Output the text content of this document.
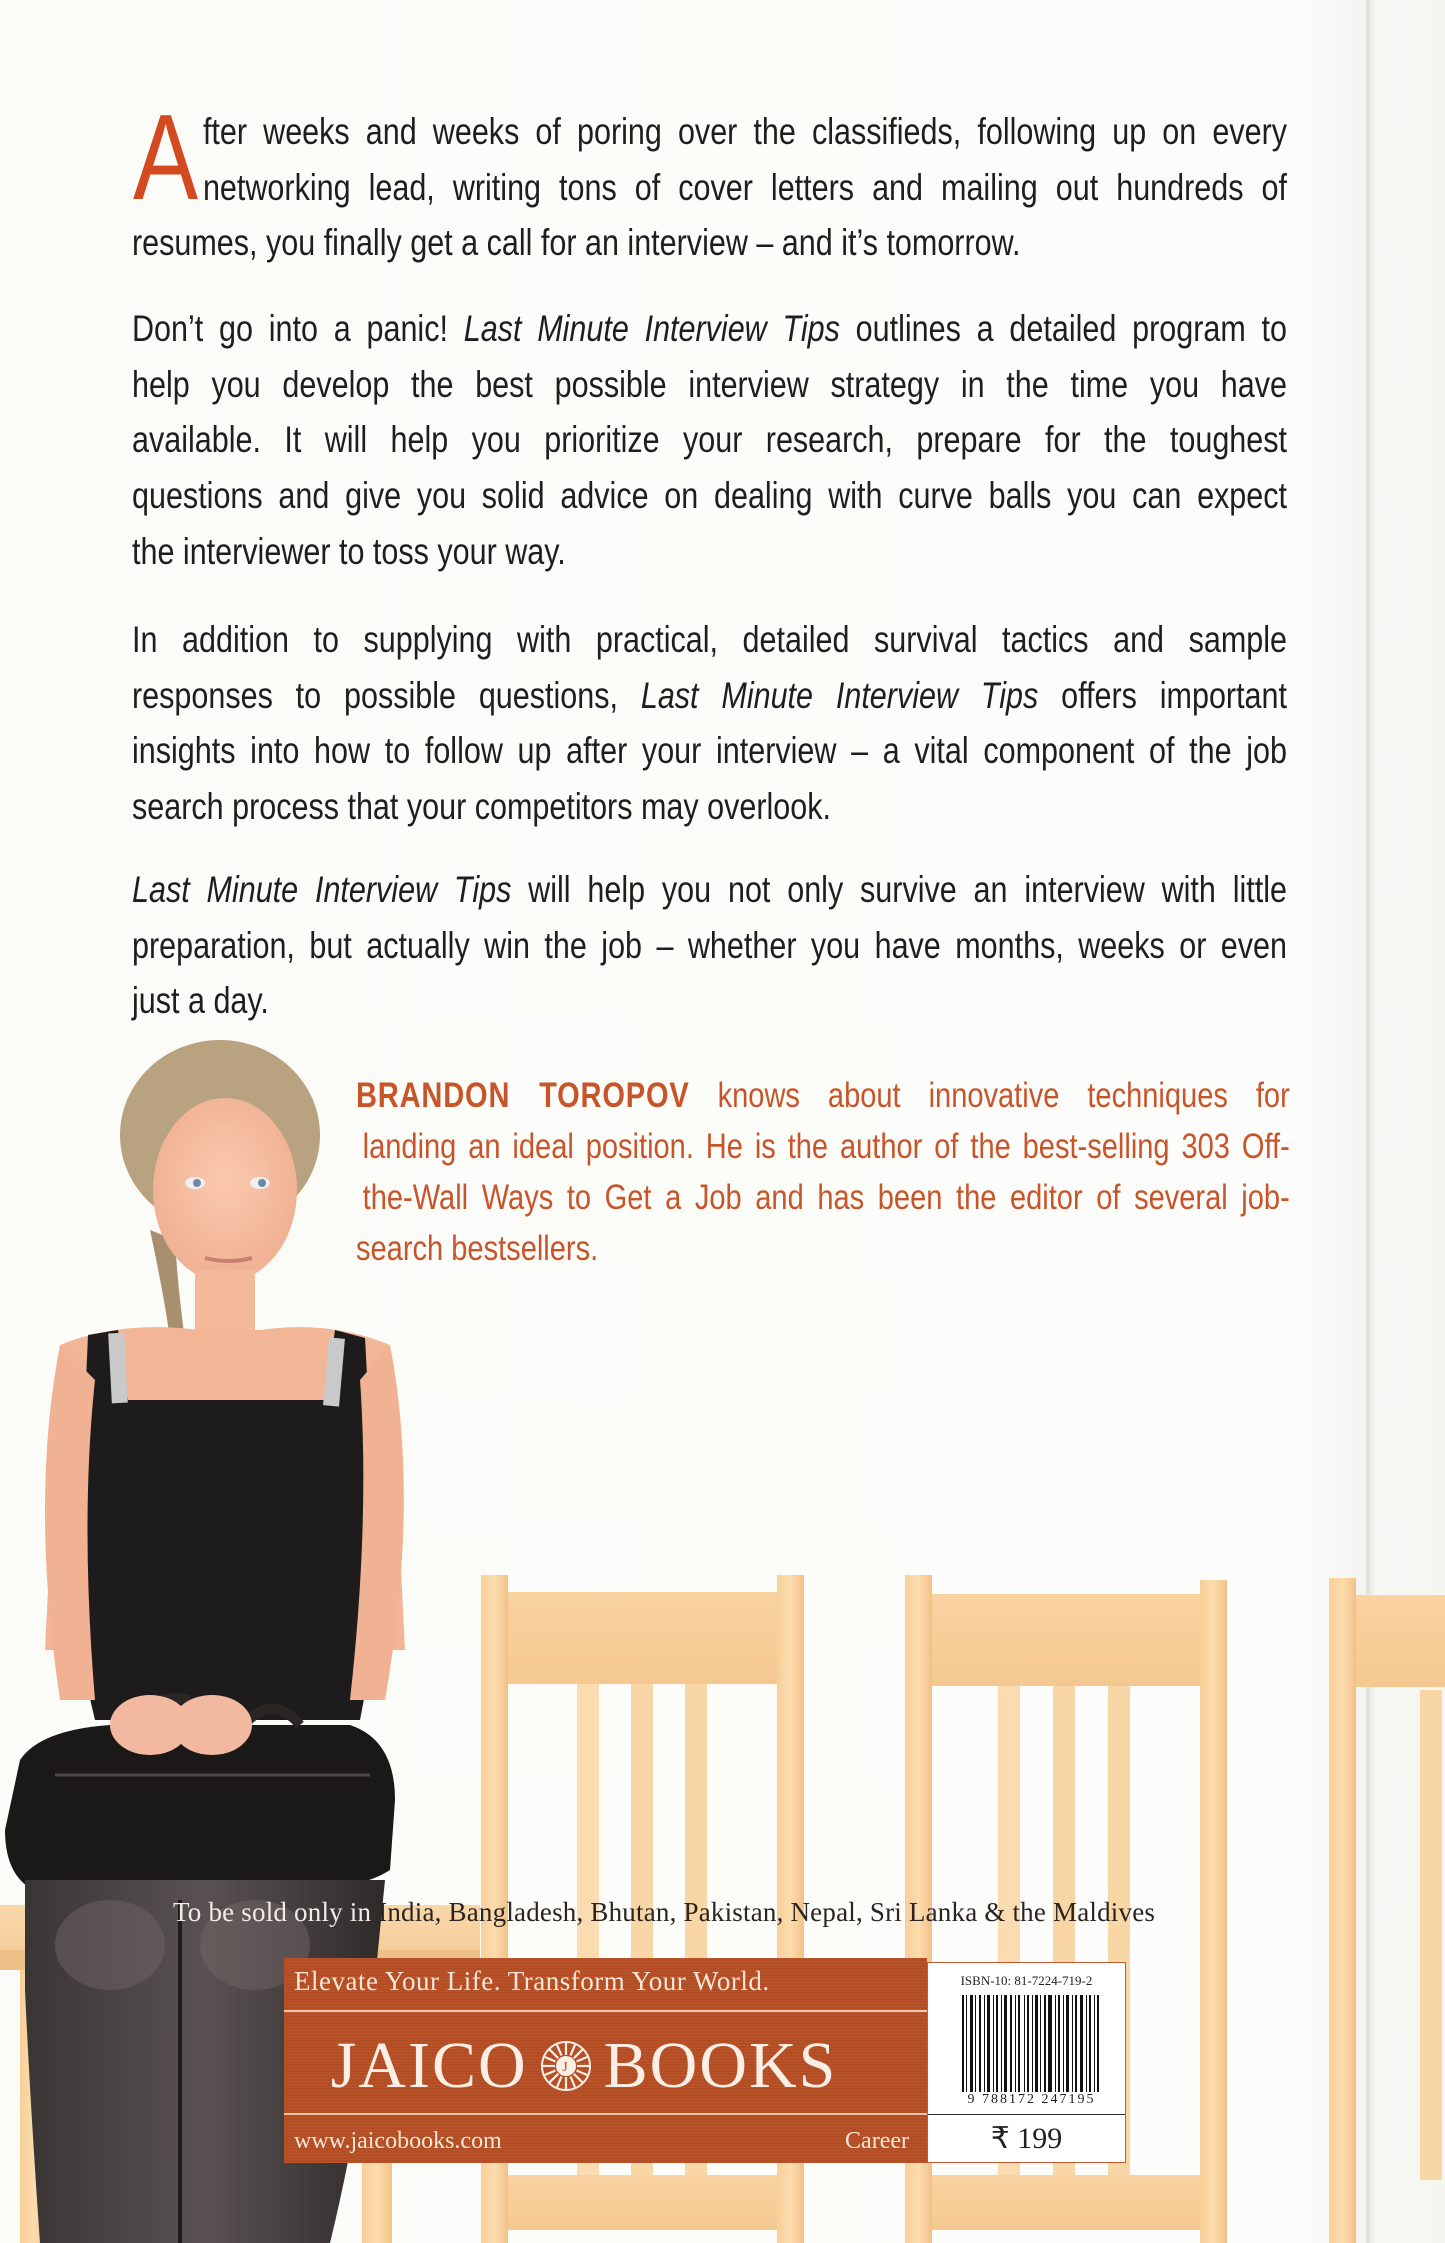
A fter weeks and weeks of poring over the classifieds, following up on every
networking lead, writing tons of cover letters and mailing out hundreds of

resumes, you finally get a call for an interview – and it’s tomorrow.

Don’t go into a panic! Last Minute Interview Tips outlines a detailed program to
help you develop the best possible interview strategy in the time you have
available. It will help you prioritize your research, prepare for the toughest
questions and give you solid advice on dealing with curve balls you can expect
the interviewer to toss your way.

In addition to supplying with practical, detailed survival tactics and sample
responses to possible questions, Last Minute Interview Tips offers important
insights into how to follow up after your interview – a vital component of the job
search process that your competitors may overlook.

Last Minute Interview Tips will help you not only survive an interview with little
preparation, but actually win the job – whether you have months, weeks or even
just a day.

BRANDON TOROPOV knows about innovative techniques for
landing an ideal position. He is the author of the best-selling 303 Off-
the-Wall Ways to Get a Job and has been the editor of several job-
search bestsellers.
To be sold only in India, Bangladesh, Bhutan, Pakistan, Nepal, Sri Lanka & the Maldives
Elevate Your Life. Transform Your World.
JAICO J BOOKS
www.jaicobooks.com	Career
ISBN-10: 81-7224-719-2
9 788172 247195
₹ 199
